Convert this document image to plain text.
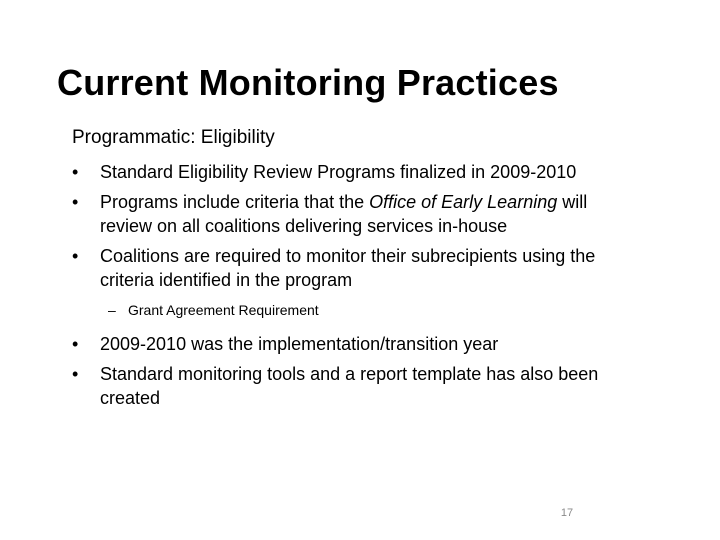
Current Monitoring Practices
Programmatic: Eligibility
•	Standard Eligibility Review Programs finalized in 2009-2010
•	Programs include criteria that the Office of Early Learning will review on all coalitions delivering services in-house
•	Coalitions are required to monitor their subrecipients using the criteria identified in the program
– Grant Agreement Requirement
•	2009-2010 was the implementation/transition year
•	Standard monitoring tools and a report template has also been created
17
